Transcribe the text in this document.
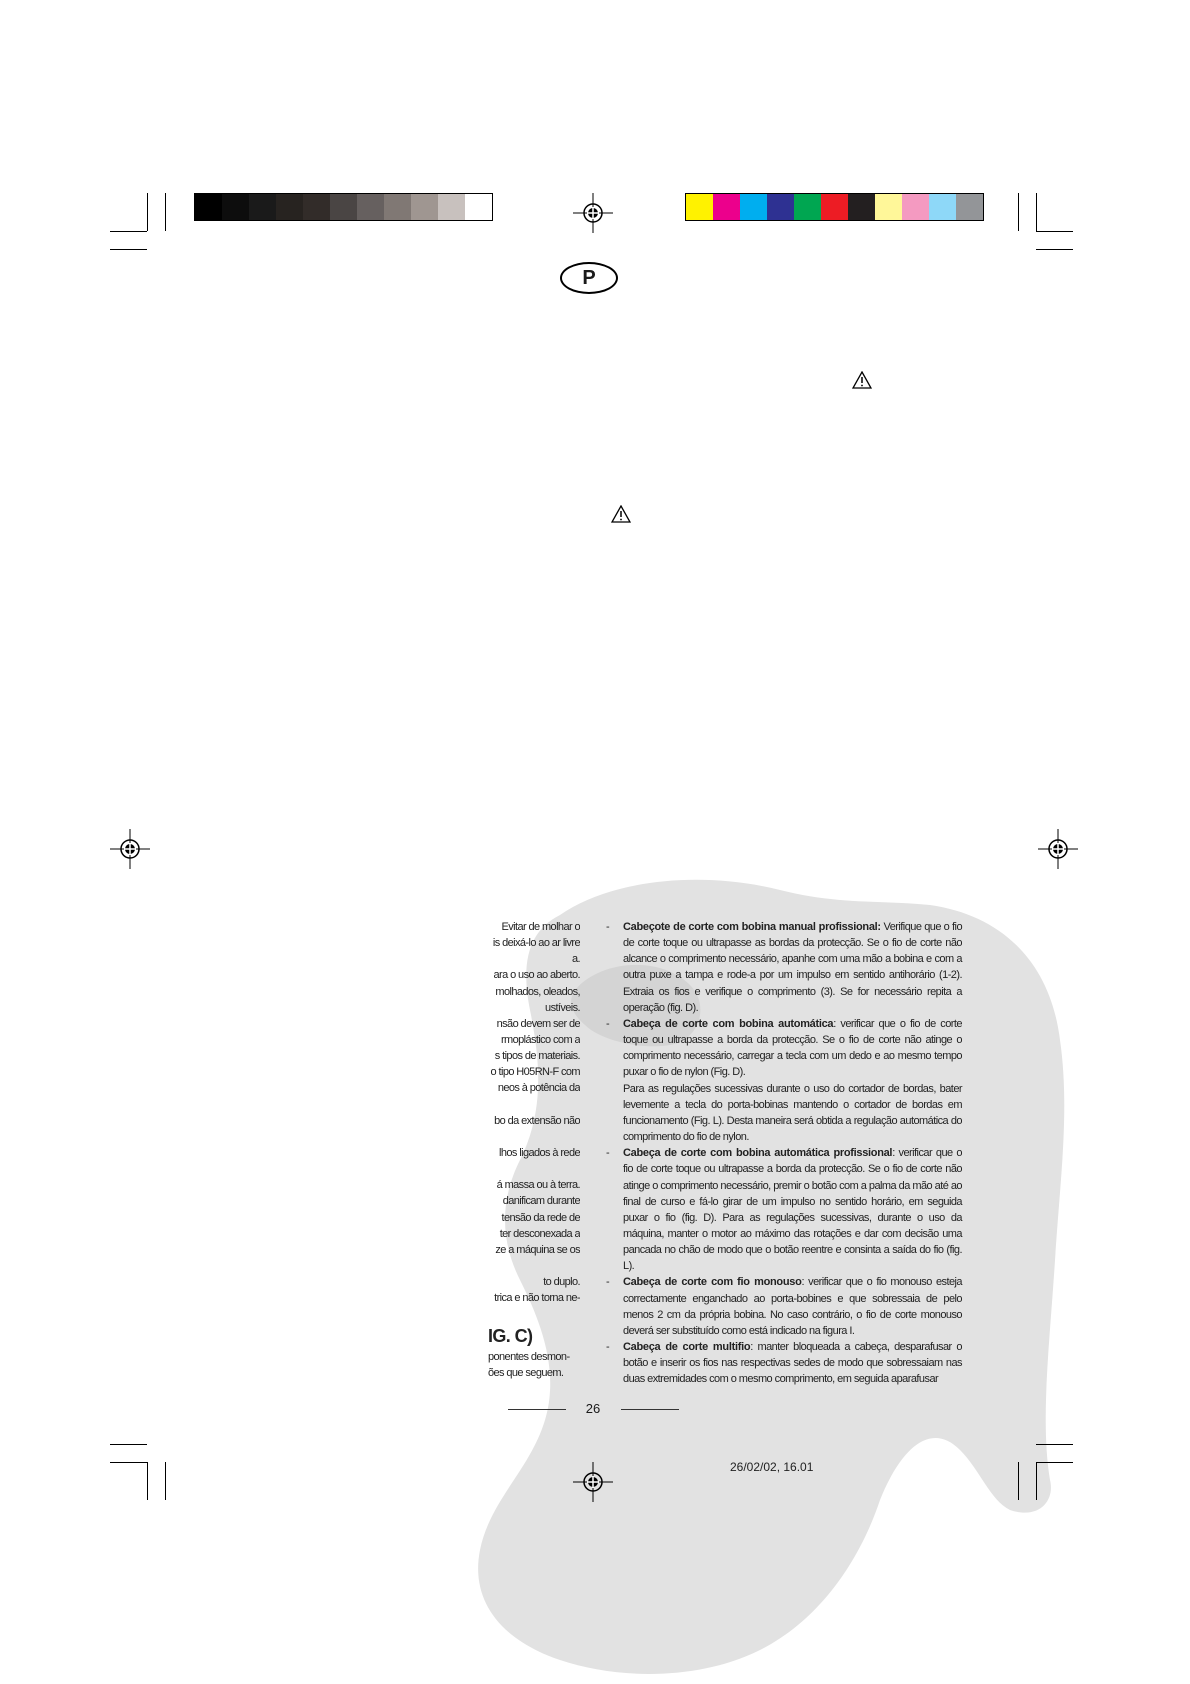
P
Evitar de molhar o
is deixá-lo ao ar livre
a.
ara o uso ao aberto.
molhados, oleados,
ustíveis.
nsão devem ser de
rmoplástico com a
s tipos de materiais.
o tipo H05RN-F com
neos à potência da

bo da extensão não

lhos ligados à rede

á massa ou à terra.
danificam durante
tensão da rede de
ter desconexada a
ze a máquina se os

to duplo.
trica e não torna ne-

IG. C)
ponentes desmon-
ões que seguem.
- Cabeçote de corte com bobina manual profissional: Verifique que o fio de corte toque ou ultrapasse as bordas da protecção. Se o fio de corte não alcance o comprimento necessário, apanhe com uma mão a bobina e com a outra puxe a tampa e rode-a por um impulso em sentido antihorário (1-2). Extraia os fios e verifique o comprimento (3). Se for necessário repita a operação (fig. D).
- Cabeça de corte com bobina automática: verificar que o fio de corte toque ou ultrapasse a borda da protecção. Se o fio de corte não atinge o comprimento necessário, carregar a tecla com um dedo e ao mesmo tempo puxar o fio de nylon (Fig. D).
Para as regulações sucessivas durante o uso do cortador de bordas, bater levemente a tecla do porta-bobinas mantendo o cortador de bordas em funcionamento (Fig. L). Desta maneira será obtida a regulação automática do comprimento do fio de nylon.
- Cabeça de corte com bobina automática profissional: verificar que o fio de corte toque ou ultrapasse a borda da protecção. Se o fio de corte não atinge o comprimento necessário, premir o botão com a palma da mão até ao final de curso e fá-lo girar de um impulso no sentido horário, em seguida puxar o fio (fig. D). Para as regulações sucessivas, durante o uso da máquina, manter o motor ao máximo das rotações e dar com decisão uma pancada no chão de modo que o botão reentre e consinta a saída do fio (fig. L).
- Cabeça de corte com fio monouso: verificar que o fio monouso esteja correctamente enganchado ao porta-bobines e que sobressaia de pelo menos 2 cm da própria bobina. No caso contrário, o fio de corte monouso deverá ser substituído como está indicado na figura I.
- Cabeça de corte multifio: manter bloqueada a cabeça, desparafusar o botão e inserir os fios nas respectivas sedes de modo que sobressaiam nas duas extremidades com o mesmo comprimento, em seguida aparafusar
26
26/02/02, 16.01
